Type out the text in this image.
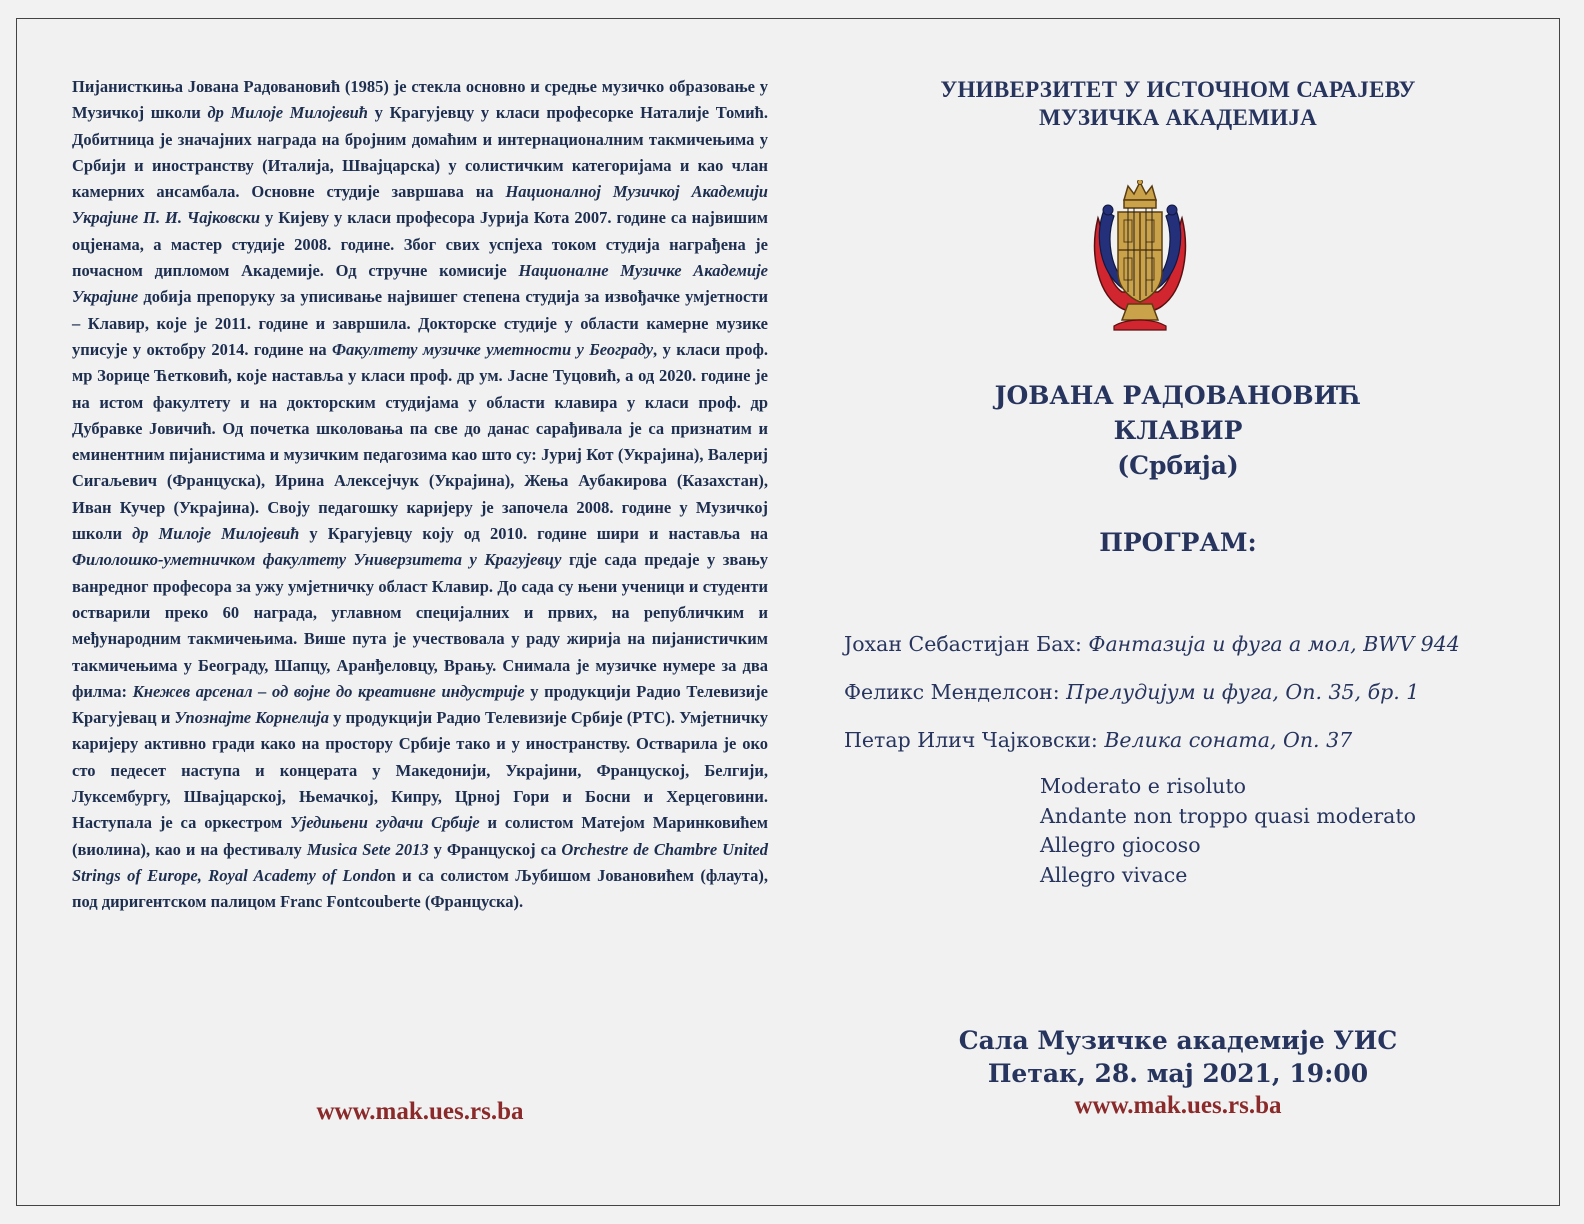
Пијанисткиња Јована Радовановић (1985) је стекла основно и средње музичко образовање у Музичкој школи др Милоје Милојевић у Крагујевцу у класи професорке Наталије Томић. Добитница је значајних награда на бројним домаћим и интернационалним такмичењима у Србији и иностранству (Италија, Швајцарска) у солистичким категоријама и као члан камерних ансамбала. Основне студије завршава на Националној Музичкој Академији Украјине П. И. Чајковски у Кијеву у класи професора Јурија Кота 2007. године са највишим оцјенама, а мастер студије 2008. године. Због свих успјеха током студија награђена је почасном дипломом Академије. Од стручне комисије Националне Музичке Академије Украјине добија препоруку за уписивање највишег степена студија за извођачке умјетности – Клавир, које је 2011. године и завршила. Докторске студије у области камерне музике уписује у октобру 2014. године на Факултету музичке уметности у Београду, у класи проф. мр Зорице Ћетковић, које настављa у класи проф. др ум. Јасне Туцовић, а од 2020. године је на истом факултету и на докторским студијама у области клавира у класи проф. др Дубравке Јовичић. Од почетка школовања па све до данас сарађивала је са признатим и еминентним пијанистима и музичким педагозима као што су: Јуриј Кот (Украјина), Валериј Сигаљевич (Француска), Ирина Алексејчук (Украјина), Жења Аубакирова (Казахстан), Иван Кучер (Украјина). Своју педагошку каријеру је започела 2008. године у Музичкој школи др Милоје Милојевић у Крагујевцу коју од 2010. године шири и наставља на Филолошко-уметничком факултету Универзитета у Крагујевцу гдје сада предаје у звању ванредног професора за ужу умјетничку област Клавир. До сада су њени ученици и студенти остварили преко 60 награда, углавном специјалних и првих, на републичким и међународним такмичењима. Више пута је учествовала у раду жирија на пијанистичким такмичењима у Београду, Шапцу, Аранђеловцу, Врању. Снимала је музичке нумере за два филма: Кнежев арсенал – од војне до креативне индустрије у продукцији Радио Телевизије Крагујевац и Упознајте Корнелија у продукцији Радио Телевизије Србије (РТС). Умјетничку каријеру активно гради како на простору Србије тако и у иностранству. Остварила је око сто педесет наступа и концерата у Македонији, Украјини, Француској, Белгији, Луксембургу, Швајцарској, Њемачкој, Кипру, Црној Гори и Босни и Херцеговини. Наступала је са оркестром Уједињени гудачи Србије и солистом Матејом Маринковићем (виолина), као и на фестивалу Musica Sete 2013 у Француској са Orchestre de Chambre United Strings of Europe, Royal Academy of London и са солистом Љубишом Јовановићем (флаута), под диригентском палицом Franc Fontcouberte (Француска).
www.mak.ues.rs.ba
УНИВЕРЗИТЕТ У ИСТОЧНОМ САРАЈЕВУ
МУЗИЧКА АКАДЕМИЈА
ЈОВАНА РАДОВАНОВИЋ
КЛАВИР
(Србија)
ПРОГРАМ:
Јохан Себастијан Бах: Фантазија и фуга а мол, BWV 944
Феликс Менделсон: Прелудијум и фуга, Оп. 35, бр. 1
Петар Илич Чајковски: Велика соната, Оп. 37
Moderato e risoluto
Andante non troppo quasi moderato
Allegro giocoso
Allegro vivace
Сала Музичке академије УИС
Петак, 28. мај 2021, 19:00
www.mak.ues.rs.ba
